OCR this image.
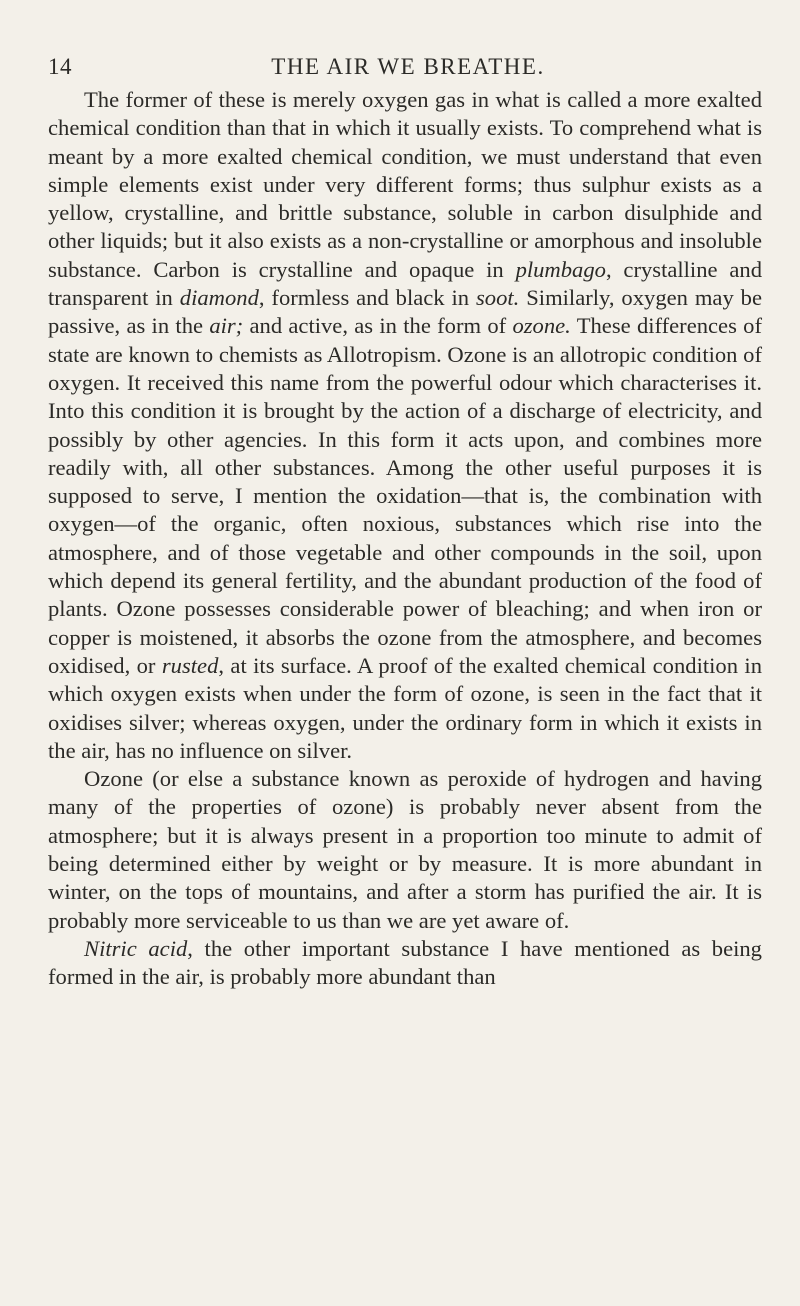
14	THE AIR WE BREATHE.

The former of these is merely oxygen gas in what is called a more exalted chemical condition than that in which it usually exists. To comprehend what is meant by a more exalted chemical condition, we must understand that even simple elements exist under very different forms; thus sulphur exists as a yellow, crystalline, and brittle substance, soluble in carbon disulphide and other liquids; but it also exists as a non-crystalline or amorphous and insoluble substance. Carbon is crystalline and opaque in plumbago, crystalline and transparent in diamond, formless and black in soot. Similarly, oxygen may be passive, as in the air; and active, as in the form of ozone. These differences of state are known to chemists as Allotropism. Ozone is an allotropic condition of oxygen. It received this name from the powerful odour which characterises it. Into this condition it is brought by the action of a discharge of electricity, and possibly by other agencies. In this form it acts upon, and combines more readily with, all other substances. Among the other useful purposes it is supposed to serve, I mention the oxidation—that is, the combination with oxygen—of the organic, often noxious, substances which rise into the atmosphere, and of those vegetable and other compounds in the soil, upon which depend its general fertility, and the abundant production of the food of plants. Ozone possesses considerable power of bleaching; and when iron or copper is moistened, it absorbs the ozone from the atmosphere, and becomes oxidised, or rusted, at its surface. A proof of the exalted chemical condition in which oxygen exists when under the form of ozone, is seen in the fact that it oxidises silver; whereas oxygen, under the ordinary form in which it exists in the air, has no influence on silver.

Ozone (or else a substance known as peroxide of hydrogen and having many of the properties of ozone) is probably never absent from the atmosphere; but it is always present in a proportion too minute to admit of being determined either by weight or by measure. It is more abundant in winter, on the tops of mountains, and after a storm has purified the air. It is probably more serviceable to us than we are yet aware of.

Nitric acid, the other important substance I have mentioned as being formed in the air, is probably more abundant than
